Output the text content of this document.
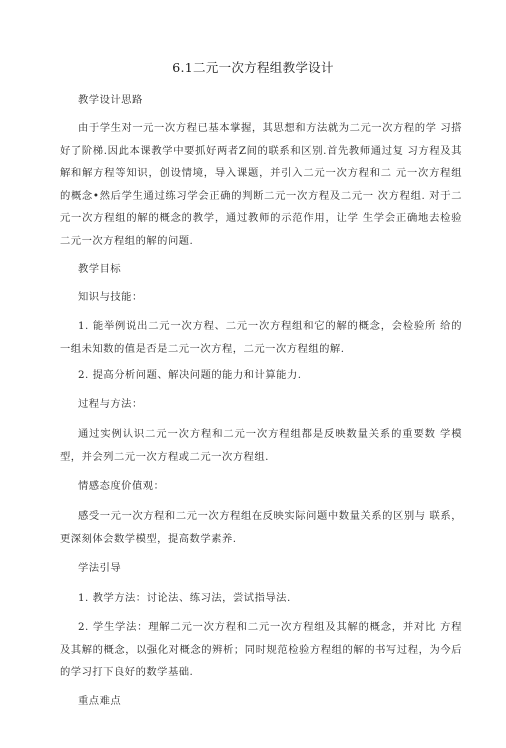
6.1二元一次方程组教学设计

教学设计思路

由于学生对一元一次方程已基本掌握，其思想和方法就为二元一次方程的学 习搭好了阶梯.因此本课教学中要抓好两者Z间的联系和区别.首先教师通过复 习方程及其解和解方程等知识，创设情境，导入课题，并引入二元一次方程和二 元一次方程组的概念•然后学生通过练习学会正确的判断二元一次方程及二元一 次方程组. 对于二元一次方程组的解的概念的教学，通过教师的示范作用，让学 生学会正确地去检验二元一次方程组的解的问题.

教学目标

知识与技能：

1. 能举例说出二元一次方程、二元一次方程组和它的解的概念，会检验所 给的一组未知数的值是否是二元一次方程，二元一次方程组的解.

2. 提高分析问题、解决问题的能力和计算能力.

过程与方法：

通过实例认识二元一次方程和二元一次方程组都是反映数量关系的重要数 学模型，并会列二元一次方程或二元一次方程组.

情感态度价值观：

感受一元一次方程和二元一次方程组在反映实际问题中数量关系的区别与 联系，更深刻体会数学模型，提高数学素养.

学法引导

1. 教学方法：讨论法、练习法，尝试指导法.

2. 学生学法：理解二元一次方程和二元一次方程组及其解的概念，并对比 方程及其解的概念，以强化对概念的辨析；同时规范检验方程组的解的书写过程，为今后的学习打下良好的数学基础.

重点难点
